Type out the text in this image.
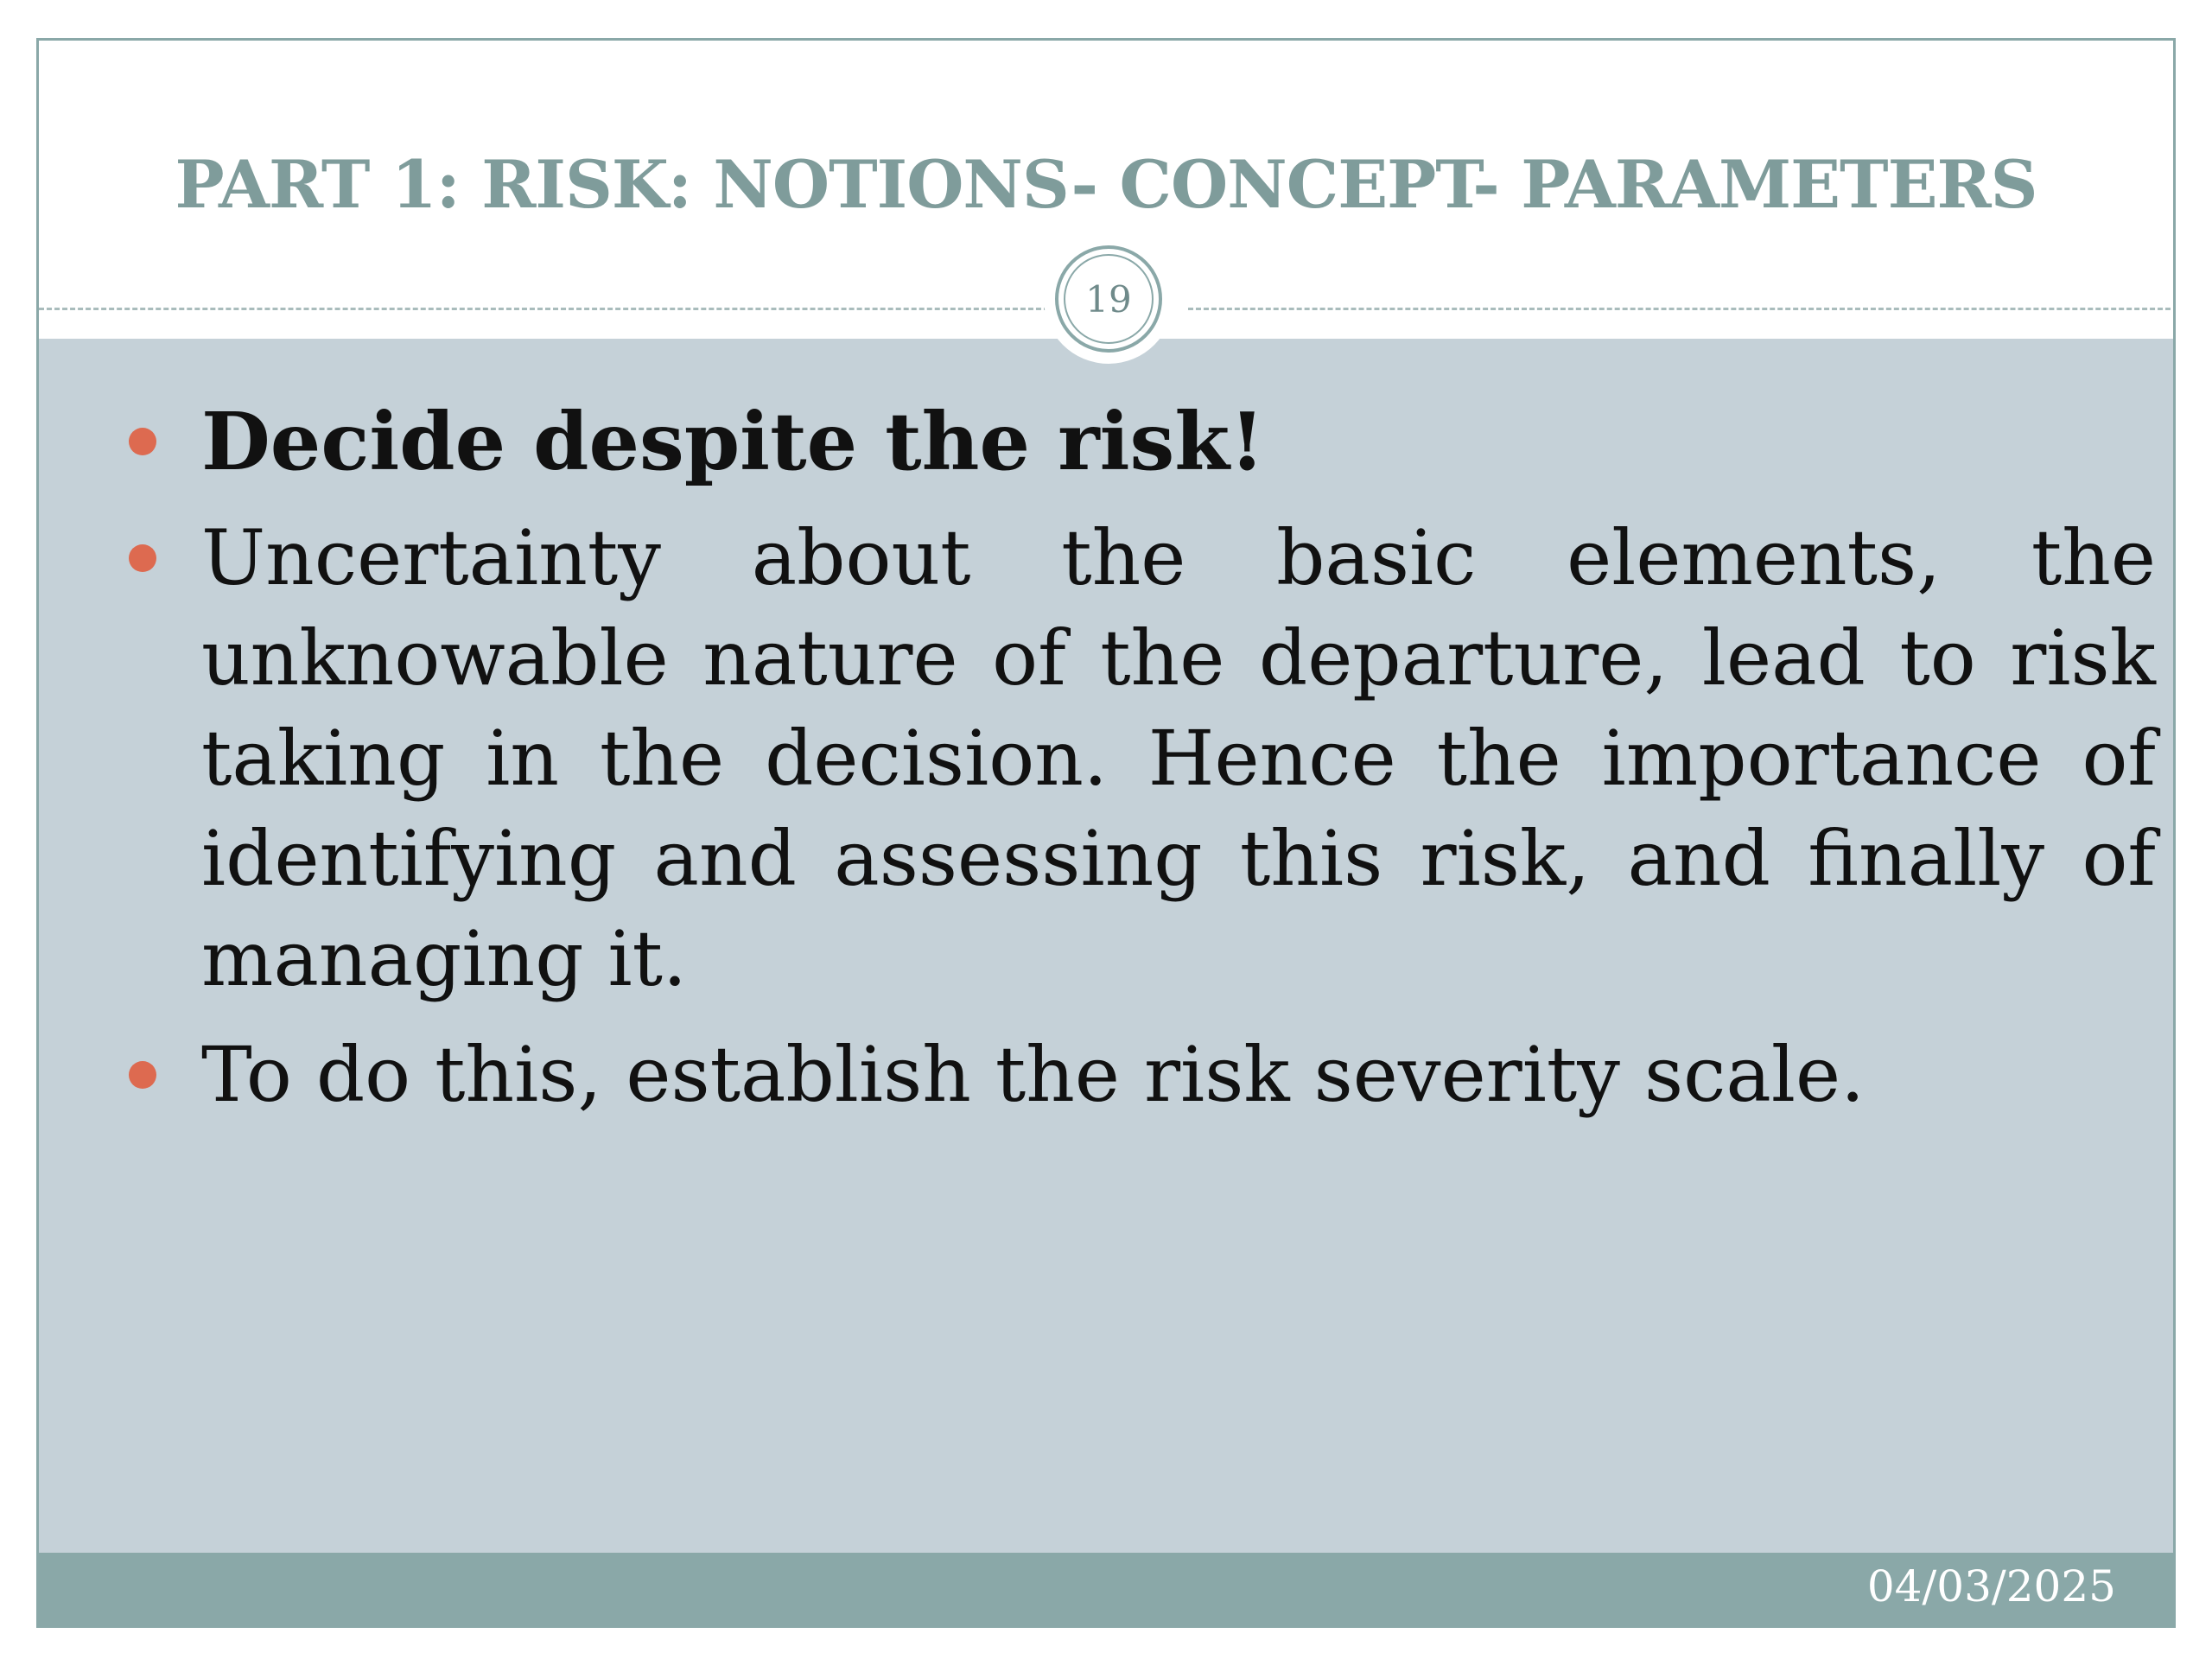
PART 1: RISK: NOTIONS- CONCEPT- PARAMETERS
19
Decide despite the risk!
Uncertainty about the basic elements, the unknowable nature of the departure, lead to risk taking in the decision. Hence the importance of identifying and assessing this risk, and finally of managing it.
To do this, establish the risk severity scale.
04/03/2025
